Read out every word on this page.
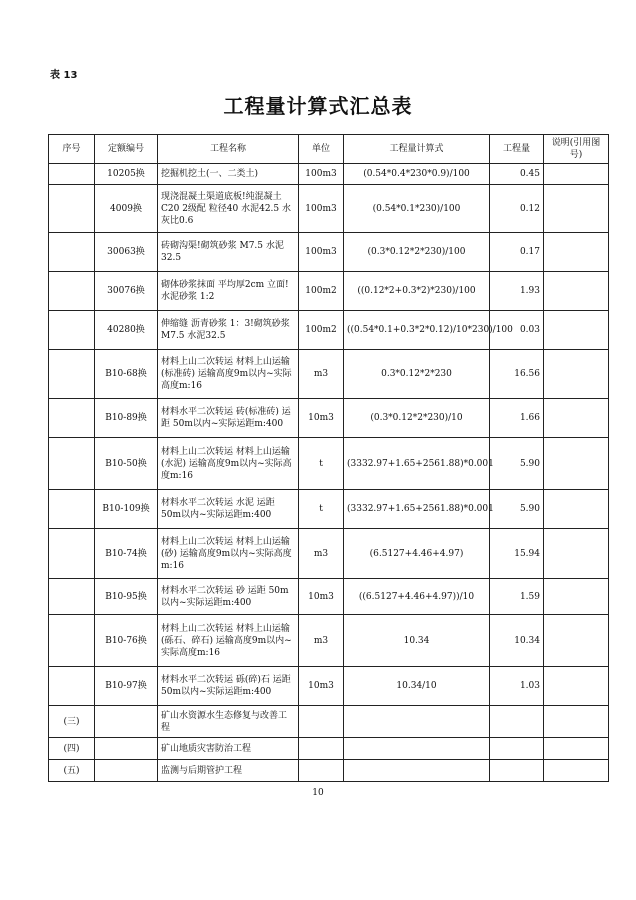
表 13
工程量计算式汇总表
序号	定额编号	工程名称	单位	工程量计算式	工程量	说明(引用图号)
	10205换	挖掘机挖土(一、二类土)	100m3	(0.54*0.4*230*0.9)/100	0.45	
	4009换	现浇混凝土渠道底板!纯混凝土C20 2级配 粒径40 水泥42.5 水灰比0.6	100m3	(0.54*0.1*230)/100	0.12	
	30063换	砖砌沟渠!砌筑砂浆 M7.5 水泥32.5	100m3	(0.3*0.12*2*230)/100	0.17	
	30076换	砌体砂浆抹面 平均厚2cm 立面!水泥砂浆 1:2	100m2	((0.12*2+0.3*2)*230)/100	1.93	
	40280换	伸缩缝 沥青砂浆 1：3!砌筑砂浆 M7.5 水泥32.5	100m2	((0.54*0.1+0.3*2*0.12)/10*230)/100	0.03	
	B10-68换	材料上山二次转运 材料上山运输(标准砖) 运输高度9m以内~实际高度m:16	m3	0.3*0.12*2*230	16.56	
	B10-89换	材料水平二次转运 砖(标准砖) 运距 50m以内~实际运距m:400	10m3	(0.3*0.12*2*230)/10	1.66	
	B10-50换	材料上山二次转运 材料上山运输(水泥) 运输高度9m以内~实际高度m:16	t	(3332.97+1.65+2561.88)*0.001	5.90	
	B10-109换	材料水平二次转运 水泥 运距 50m以内~实际运距m:400	t	(3332.97+1.65+2561.88)*0.001	5.90	
	B10-74换	材料上山二次转运 材料上山运输(砂) 运输高度9m以内~实际高度m:16	m3	(6.5127+4.46+4.97)	15.94	
	B10-95换	材料水平二次转运 砂 运距 50m以内~实际运距m:400	10m3	((6.5127+4.46+4.97))/10	1.59	
	B10-76换	材料上山二次转运 材料上山运输(砾石、碎石) 运输高度9m以内~实际高度m:16	m3	10.34	10.34	
	B10-97换	材料水平二次转运 砾(碎)石 运距 50m以内~实际运距m:400	10m3	10.34/10	1.03	
(三)		矿山水资源水生态修复与改善工程				
(四)		矿山地质灾害防治工程				
(五)		监测与后期管护工程				
10
